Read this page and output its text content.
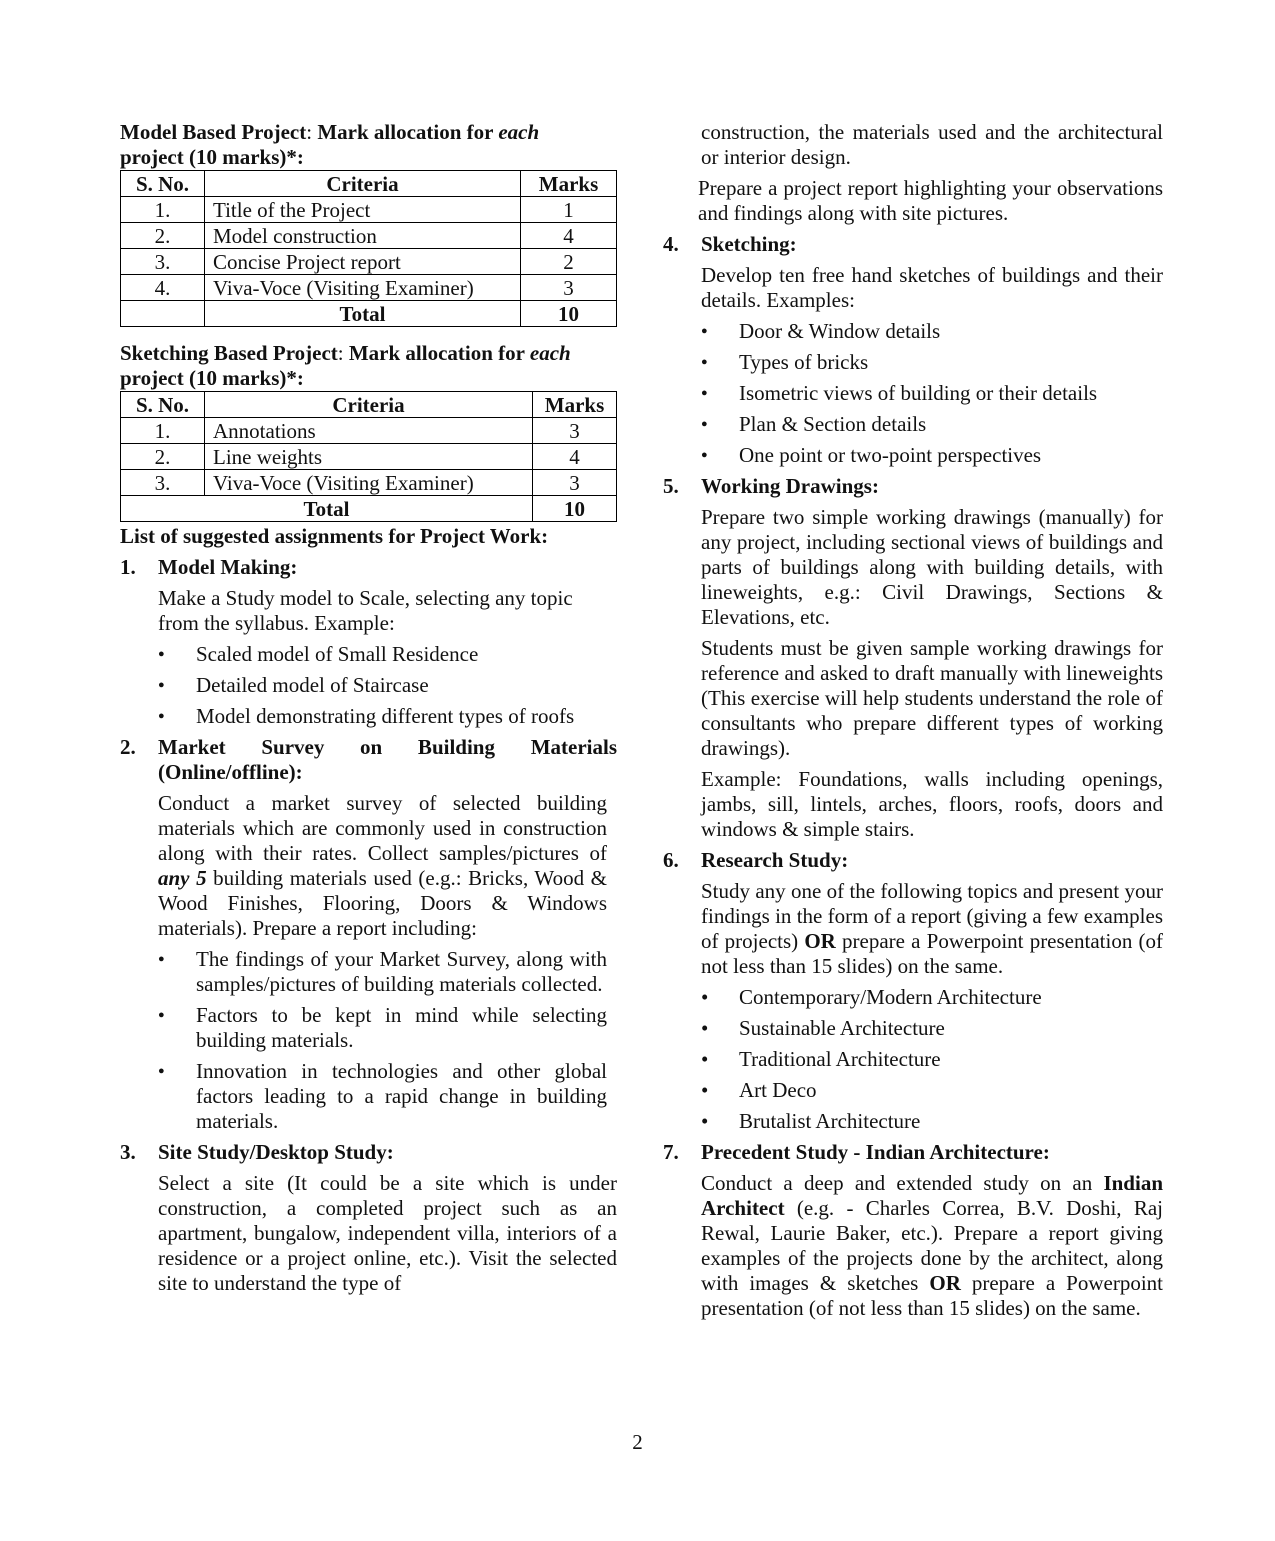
Model Based Project: Mark allocation for each
project (10 marks)*:

S. No.	Criteria	Marks
1.	Title of the Project	1
2.	Model construction	4
3.	Concise Project report	2
4.	Viva-Voce (Visiting Examiner)	3
	Total	10

Sketching Based Project: Mark allocation for each
project (10 marks)*:

S. No.	Criteria	Marks
1.	Annotations	3
2.	Line weights	4
3.	Viva-Voce (Visiting Examiner)	3
Total		10

List of suggested assignments for Project Work:

1.	Model Making:

Make a Study model to Scale, selecting any topic from the syllabus. Example:

●	Scaled model of Small Residence
●	Detailed model of Staircase
●	Model demonstrating different types of roofs
2.	Market Survey on Building Materials (Online/offline):

Conduct a market survey of selected building materials which are commonly used in construction along with their rates. Collect samples/pictures of any 5 building materials used (e.g.: Bricks, Wood & Wood Finishes, Flooring, Doors & Windows materials). Prepare a report including:

●	The findings of your Market Survey, along with samples/pictures of building materials collected.
●	Factors to be kept in mind while selecting building materials.
●	Innovation in technologies and other global factors leading to a rapid change in building materials.
3.	Site Study/Desktop Study:

Select a site (It could be a site which is under construction, a completed project such as an apartment, bungalow, independent villa, interiors of a residence or a project online, etc.). Visit the selected site to understand the type of

construction, the materials used and the architectural or interior design.

Prepare a project report highlighting your observations and findings along with site pictures.

4.	Sketching:

Develop ten free hand sketches of buildings and their details. Examples:

●	Door & Window details
●	Types of bricks
●	Isometric views of building or their details
●	Plan & Section details
●	One point or two-point perspectives
5.	Working Drawings:

Prepare two simple working drawings (manually) for any project, including sectional views of buildings and parts of buildings along with building details, with lineweights, e.g.: Civil Drawings, Sections & Elevations, etc.

Students must be given sample working drawings for reference and asked to draft manually with lineweights (This exercise will help students understand the role of consultants who prepare different types of working drawings).

Example: Foundations, walls including openings, jambs, sill, lintels, arches, floors, roofs, doors and windows & simple stairs.

6.	Research Study:

Study any one of the following topics and present your findings in the form of a report (giving a few examples of projects) OR prepare a Powerpoint presentation (of not less than 15 slides) on the same.

•	Contemporary/Modern Architecture
•	Sustainable Architecture
•	Traditional Architecture
•	Art Deco
•	Brutalist Architecture
7.	Precedent Study - Indian Architecture:

Conduct a deep and extended study on an Indian Architect (e.g. - Charles Correa, B.V. Doshi, Raj Rewal, Laurie Baker, etc.). Prepare a report giving examples of the projects done by the architect, along with images & sketches OR prepare a Powerpoint presentation (of not less than 15 slides) on the same.

2
